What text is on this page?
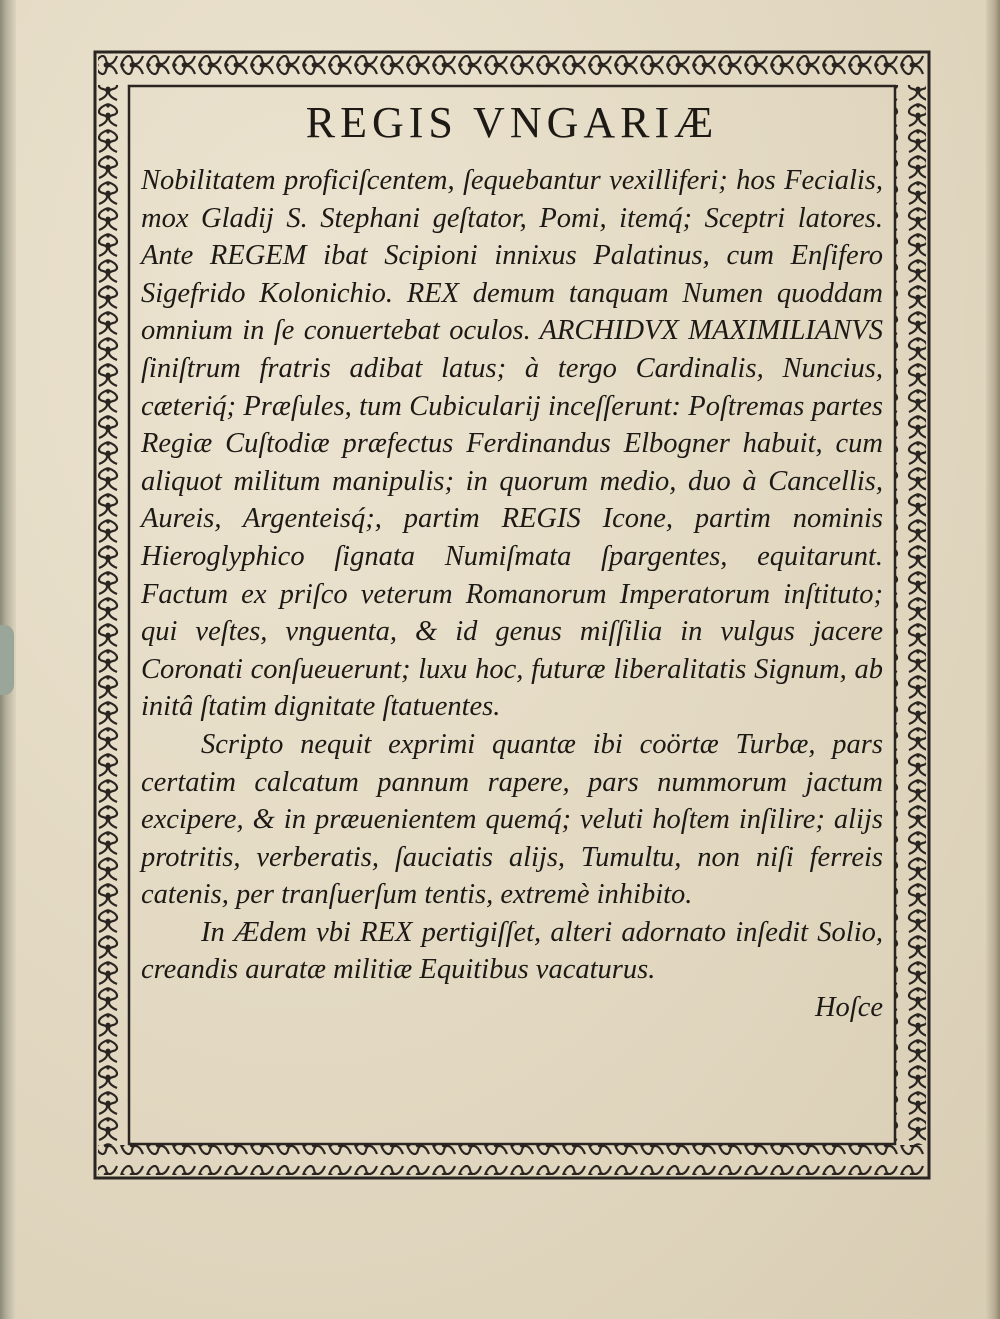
REGIS VNGARIÆ

Nobilitatem proficiſcentem, ſequebantur vexilliferi; hos Fecialis, mox Gladij S. Stephani geſtator, Pomi, itemq́; Sceptri latores. Ante REGEM ibat Scipioni innixus Palatinus, cum Enſifero Sigefrido Kolonichio. REX demum tanquam Numen quoddam omnium in ſe conuertebat oculos. ARCHIDVX MAXIMILIANVS ſiniſtrum fratris adibat latus; à tergo Cardinalis, Nuncius, cæteriq́; Præſules, tum Cubicularij inceſſerunt: Poſtremas partes Regiæ Cuſtodiæ præfectus Ferdinandus Elbogner habuit, cum aliquot militum manipulis; in quorum medio, duo à Cancellis, Aureis, Argenteisq́;, partim REGIS Icone, partim nominis Hieroglyphico ſignata Numiſmata ſpargentes, equitarunt. Factum ex priſco veterum Romanorum Imperatorum inſtituto; qui veſtes, vnguenta, & id genus miſſilia in vulgus jacere Coronati conſueuerunt; luxu hoc, futuræ liberalitatis Signum, ab initâ ſtatim dignitate ſtatuentes.

Scripto nequit exprimi quantæ ibi coörtæ Turbæ, pars certatim calcatum pannum rapere, pars nummorum jactum excipere, & in præuenientem quemq́; veluti hoſtem inſilire; alijs protritis, verberatis, ſauciatis alijs, Tumultu, non niſi ferreis catenis, per tranſuerſum tentis, extremè inhibito.

In Ædem vbi REX pertigiſſet, alteri adornato inſedit Solio, creandis auratæ militiæ Equitibus vacaturus.

Hoſce
